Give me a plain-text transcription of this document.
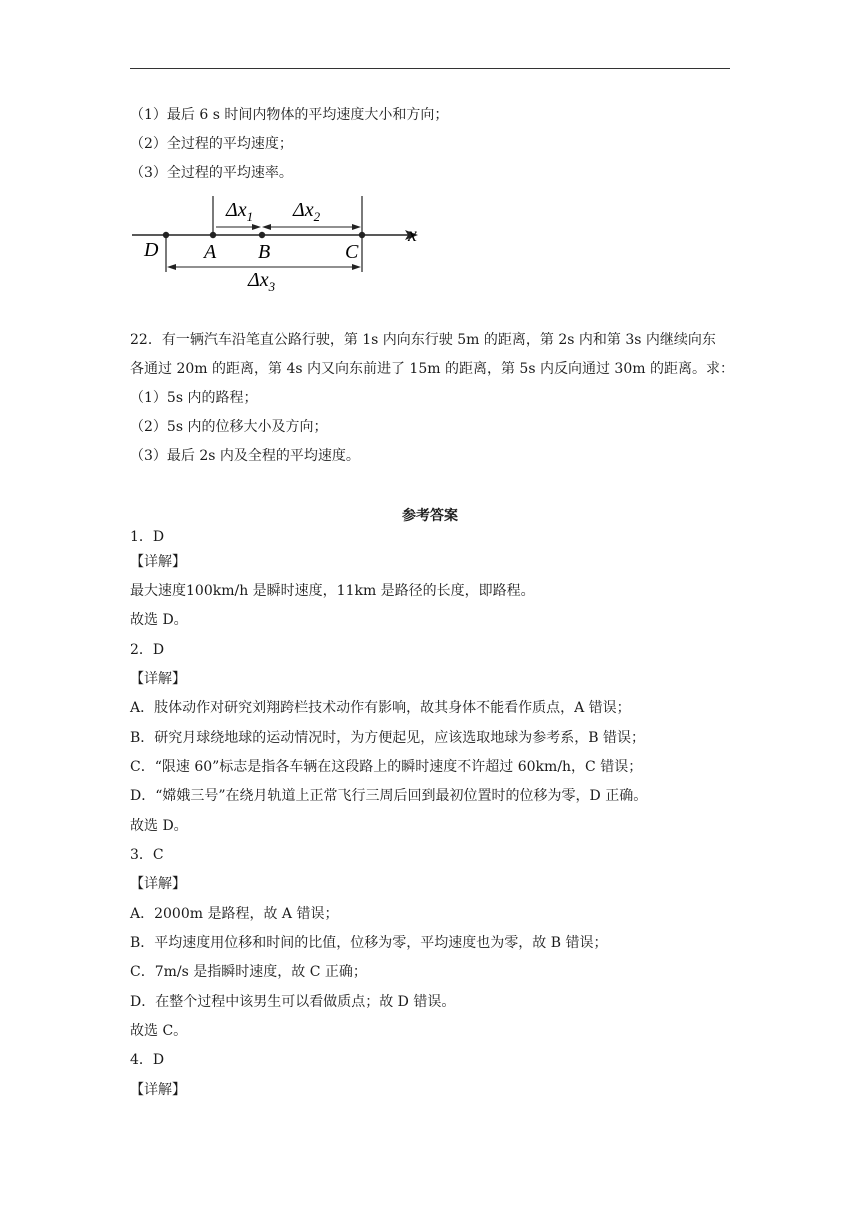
（1）最后 6 s 时间内物体的平均速度大小和方向；
（2）全过程的平均速度；
（3）全过程的平均速率。
x
$\Delta x_1$ $\Delta x_2$
$\Delta x_3$
D A B	C
22．有一辆汽车沿笔直公路行驶，第 1s 内向东行驶 5m 的距离，第 2s 内和第 3s 内继续向东
各通过 20m 的距离，第 4s 内又向东前进了 15m 的距离，第 5s 内反向通过 30m 的距离。求：
（1）5s 内的路程；
（2）5s 内的位移大小及方向；
（3）最后 2s 内及全程的平均速度。
参考答案
1．D
【详解】
最大速度100km/h 是瞬时速度，11km 是路径的长度，即路程。
故选 D。
2．D
【详解】
A．肢体动作对研究刘翔跨栏技术动作有影响，故其身体不能看作质点，A 错误；
B．研究月球绕地球的运动情况时，为方便起见，应该选取地球为参考系，B 错误；
C．“限速 60”标志是指各车辆在这段路上的瞬时速度不许超过 60km/h，C 错误；
D．“嫦娥三号”在绕月轨道上正常飞行三周后回到最初位置时的位移为零，D 正确。
故选 D。
3．C
【详解】
A．2000m 是路程，故 A 错误；
B．平均速度用位移和时间的比值，位移为零，平均速度也为零，故 B 错误；
C．7m/s 是指瞬时速度，故 C 正确；
D．在整个过程中该男生可以看做质点；故 D 错误。
故选 C。
4．D
【详解】
